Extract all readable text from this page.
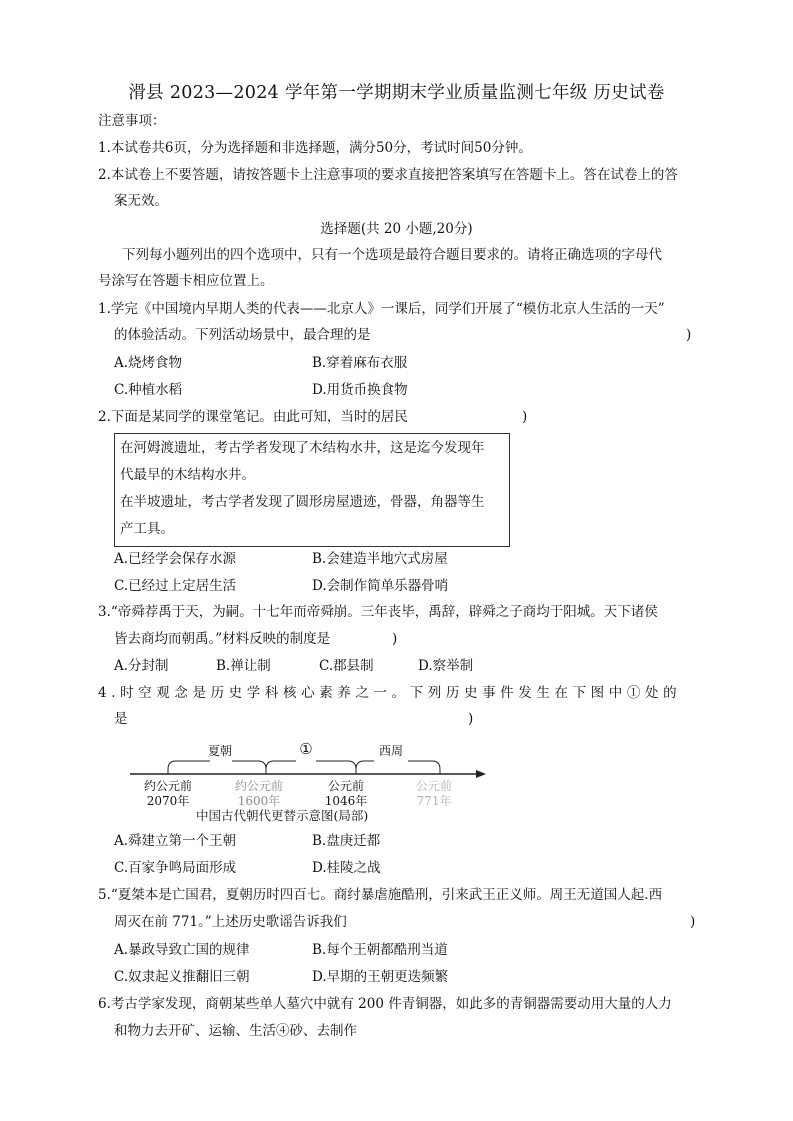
滑县 2023—2024 学年第一学期期末学业质量监测七年级 历史试卷
注意事项：
1.本试卷共6页，分为选择题和非选择题，满分50分，考试时间50分钟。
2.本试卷上不要答题，请按答题卡上注意事项的要求直接把答案填写在答题卡上。答在试卷上的答
案无效。
选择题(共 20 小题,20分)
下列每小题列出的四个选项中，只有一个选项是最符合题目要求的。请将正确选项的字母代
号涂写在答题卡相应位置上。
1.学完《中国境内早期人类的代表——北京人》一课后，同学们开展了“模仿北京人生活的一天”
的体验活动。下列活动场景中，最合理的是	)
A.烧烤食物	B.穿着麻布衣服
C.种植水稻	D.用货币换食物
2.下面是某同学的课堂笔记。由此可知，当时的居民	)
在河姆渡遗址，考古学者发现了木结构水井，这是迄今发现年
代最早的木结构水井。
在半坡遗址，考古学者发现了圆形房屋遗迹，骨器，角器等生
产工具。
A.已经学会保存水源	B.会建造半地穴式房屋
C.已经过上定居生活	D.会制作简单乐器骨哨
3.“帝舜荐禹于天，为嗣。十七年而帝舜崩。三年丧毕，禹辞，辟舜之子商均于阳城。天下诸侯
皆去商均而朝禹。”材料反映的制度是	)
A.分封制	B.禅让制	C.郡县制	D.察举制
4.时空观念是历史学科核心素养之一。下列历史事件发生在下图中①处的
是	)
夏朝	①	西周
约公元前
2070年
约公元前
1600年
公元前
1046年
公元前
771年
中国古代朝代更替示意图(局部)
A.舜建立第一个王朝	B.盘庚迁都
C.百家争鸣局面形成	D.桂陵之战
5.“夏桀本是亡国君，夏朝历时四百七。商纣暴虐施酷刑，引来武王正义师。周王无道国人起.西
周灭在前 771。”上述历史歌谣告诉我们	)
A.暴政导致亡国的规律	B.每个王朝都酷刑当道
C.奴隶起义推翻旧三朝	D.早期的王朝更迭频繁
6.考古学家发现，商朝某些单人墓穴中就有 200 件青铜器，如此多的青铜器需要动用大量的人力
和物力去开矿、运输、生活④砂、去制作
